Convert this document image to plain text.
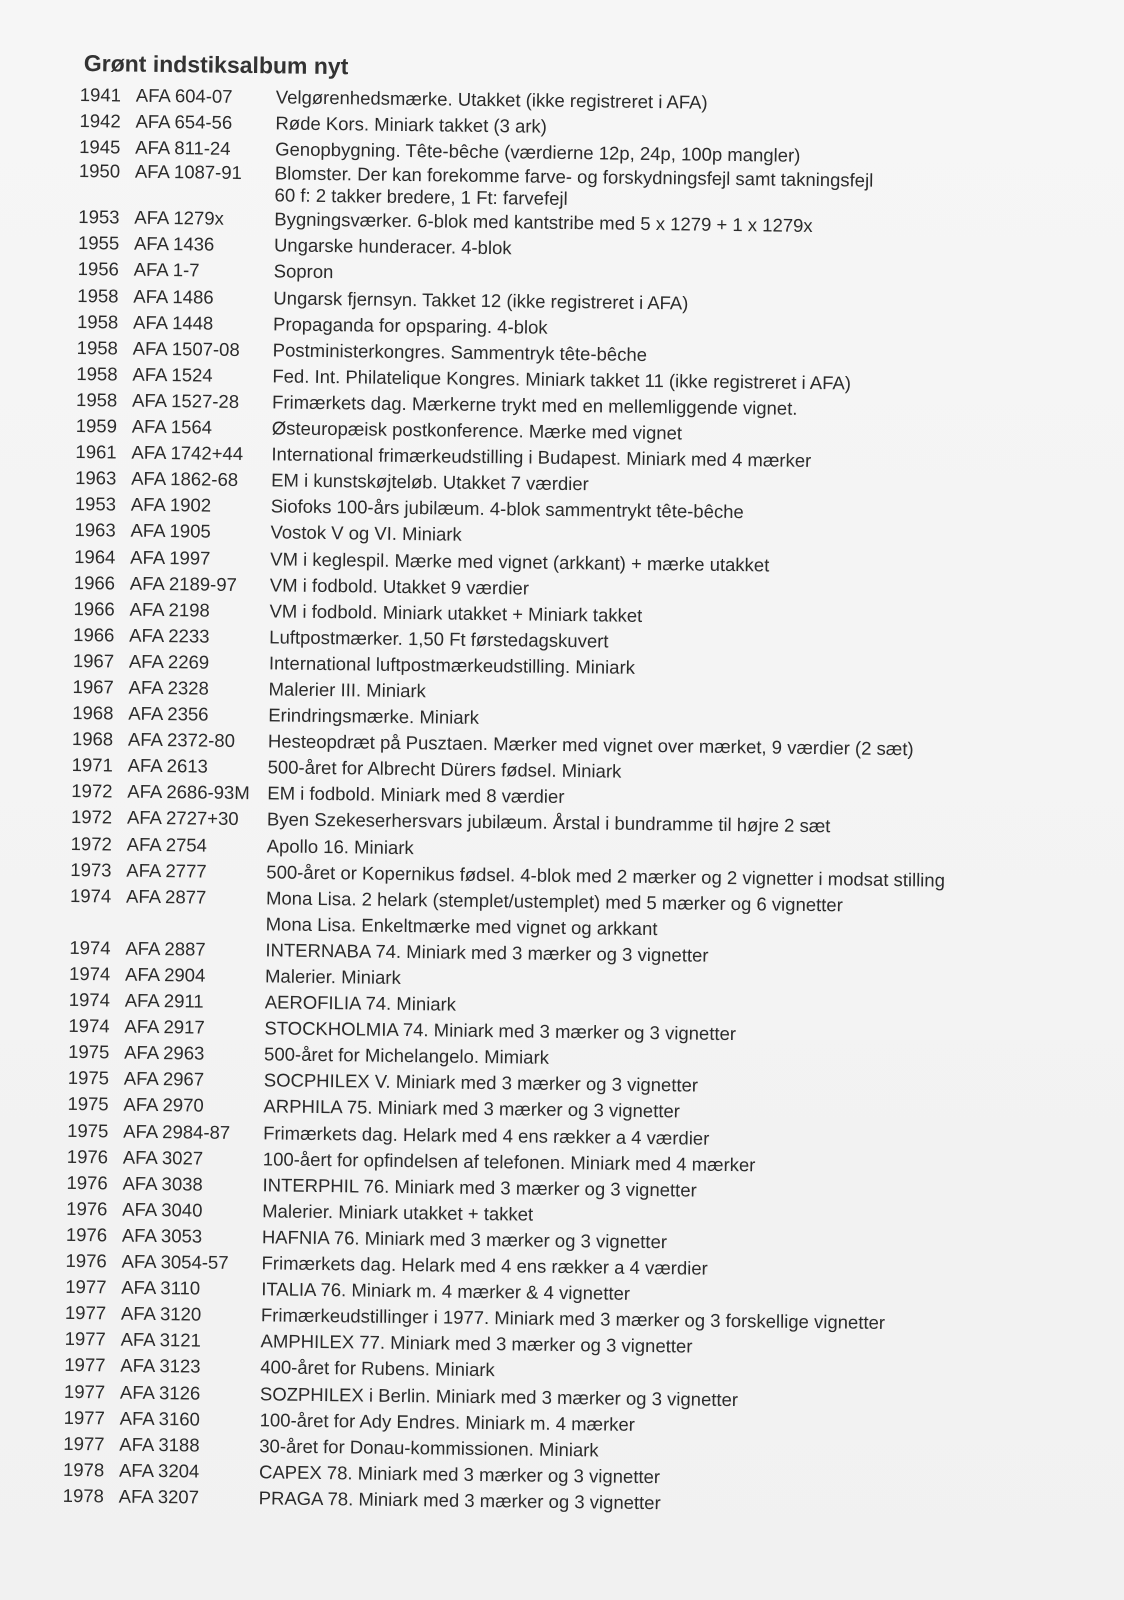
Grønt indstiksalbum nyt
1941 AFA 604-07	Velgørenhedsmærke. Utakket (ikke registreret i AFA)
1942 AFA 654-56	Røde Kors. Miniark takket (3 ark)
1945 AFA 811-24	Genopbygning. Tête-bêche (værdierne 12p, 24p, 100p mangler)
1950 AFA 1087-91	Blomster. Der kan forekomme farve- og forskydningsfejl samt takningsfejl
60 f: 2 takker bredere, 1 Ft: farvefejl
1953 AFA 1279x	Bygningsværker. 6-blok med kantstribe med 5 x 1279 + 1 x 1279x
1955 AFA 1436	Ungarske hunderacer. 4-blok
1956 AFA 1-7	Sopron
1958 AFA 1486	Ungarsk fjernsyn. Takket 12 (ikke registreret i AFA)
1958 AFA 1448	Propaganda for opsparing. 4-blok
1958 AFA 1507-08	Postministerkongres. Sammentryk tête-bêche
1958 AFA 1524	Fed. Int. Philatelique Kongres. Miniark takket 11 (ikke registreret i AFA)
1958 AFA 1527-28	Frimærkets dag. Mærkerne trykt med en mellemliggende vignet.
1959 AFA 1564	Østeuropæisk postkonference. Mærke med vignet
1961 AFA 1742+44	International frimærkeudstilling i Budapest. Miniark med 4 mærker
1963 AFA 1862-68	EM i kunstskøjteløb. Utakket 7 værdier
1953 AFA 1902	Siofoks 100-års jubilæum. 4-blok sammentrykt tête-bêche
1963 AFA 1905	Vostok V og VI. Miniark
1964 AFA 1997	VM i keglespil. Mærke med vignet (arkkant) + mærke utakket
1966 AFA 2189-97	VM i fodbold. Utakket 9 værdier
1966 AFA 2198	VM i fodbold. Miniark utakket + Miniark takket
1966 AFA 2233	Luftpostmærker. 1,50 Ft førstedagskuvert
1967 AFA 2269	International luftpostmærkeudstilling. Miniark
1967 AFA 2328	Malerier III. Miniark
1968 AFA 2356	Erindringsmærke. Miniark
1968 AFA 2372-80	Hesteopdræt på Pusztaen. Mærker med vignet over mærket, 9 værdier (2 sæt)
1971 AFA 2613	500-året for Albrecht Dürers fødsel. Miniark
1972 AFA 2686-93M EM i fodbold. Miniark med 8 værdier
1972 AFA 2727+30	Byen Szekeserhersvars jubilæum. Årstal i bundramme til højre 2 sæt
1972 AFA 2754	Apollo 16. Miniark
1973 AFA 2777	500-året or Kopernikus fødsel. 4-blok med 2 mærker og 2 vignetter i modsat stilling
1974 AFA 2877	Mona Lisa. 2 helark (stemplet/ustemplet) med 5 mærker og 6 vignetter
Mona Lisa. Enkeltmærke med vignet og arkkant
1974 AFA 2887	INTERNABA 74. Miniark med 3 mærker og 3 vignetter
1974 AFA 2904	Malerier. Miniark
1974 AFA 2911	AEROFILIA 74. Miniark
1974 AFA 2917	STOCKHOLMIA 74. Miniark med 3 mærker og 3 vignetter
1975 AFA 2963	500-året for Michelangelo. Mimiark
1975 AFA 2967	SOCPHILEX V. Miniark med 3 mærker og 3 vignetter
1975 AFA 2970	ARPHILA 75. Miniark med 3 mærker og 3 vignetter
1975 AFA 2984-87	Frimærkets dag. Helark med 4 ens rækker a 4 værdier
1976 AFA 3027	100-åert for opfindelsen af telefonen. Miniark med 4 mærker
1976 AFA 3038	INTERPHIL 76. Miniark med 3 mærker og 3 vignetter
1976 AFA 3040	Malerier. Miniark utakket + takket
1976 AFA 3053	HAFNIA 76. Miniark med 3 mærker og 3 vignetter
1976 AFA 3054-57	Frimærkets dag. Helark med 4 ens rækker a 4 værdier
1977 AFA 3110	ITALIA 76. Miniark m. 4 mærker & 4 vignetter
1977 AFA 3120	Frimærkeudstillinger i 1977. Miniark med 3 mærker og 3 forskellige vignetter
1977 AFA 3121	AMPHILEX 77. Miniark med 3 mærker og 3 vignetter
1977 AFA 3123	400-året for Rubens. Miniark
1977 AFA 3126	SOZPHILEX i Berlin. Miniark med 3 mærker og 3 vignetter
1977 AFA 3160	100-året for Ady Endres. Miniark m. 4 mærker
1977 AFA 3188	30-året for Donau-kommissionen. Miniark
1978 AFA 3204	CAPEX 78. Miniark med 3 mærker og 3 vignetter
1978 AFA 3207	PRAGA 78. Miniark med 3 mærker og 3 vignetter
